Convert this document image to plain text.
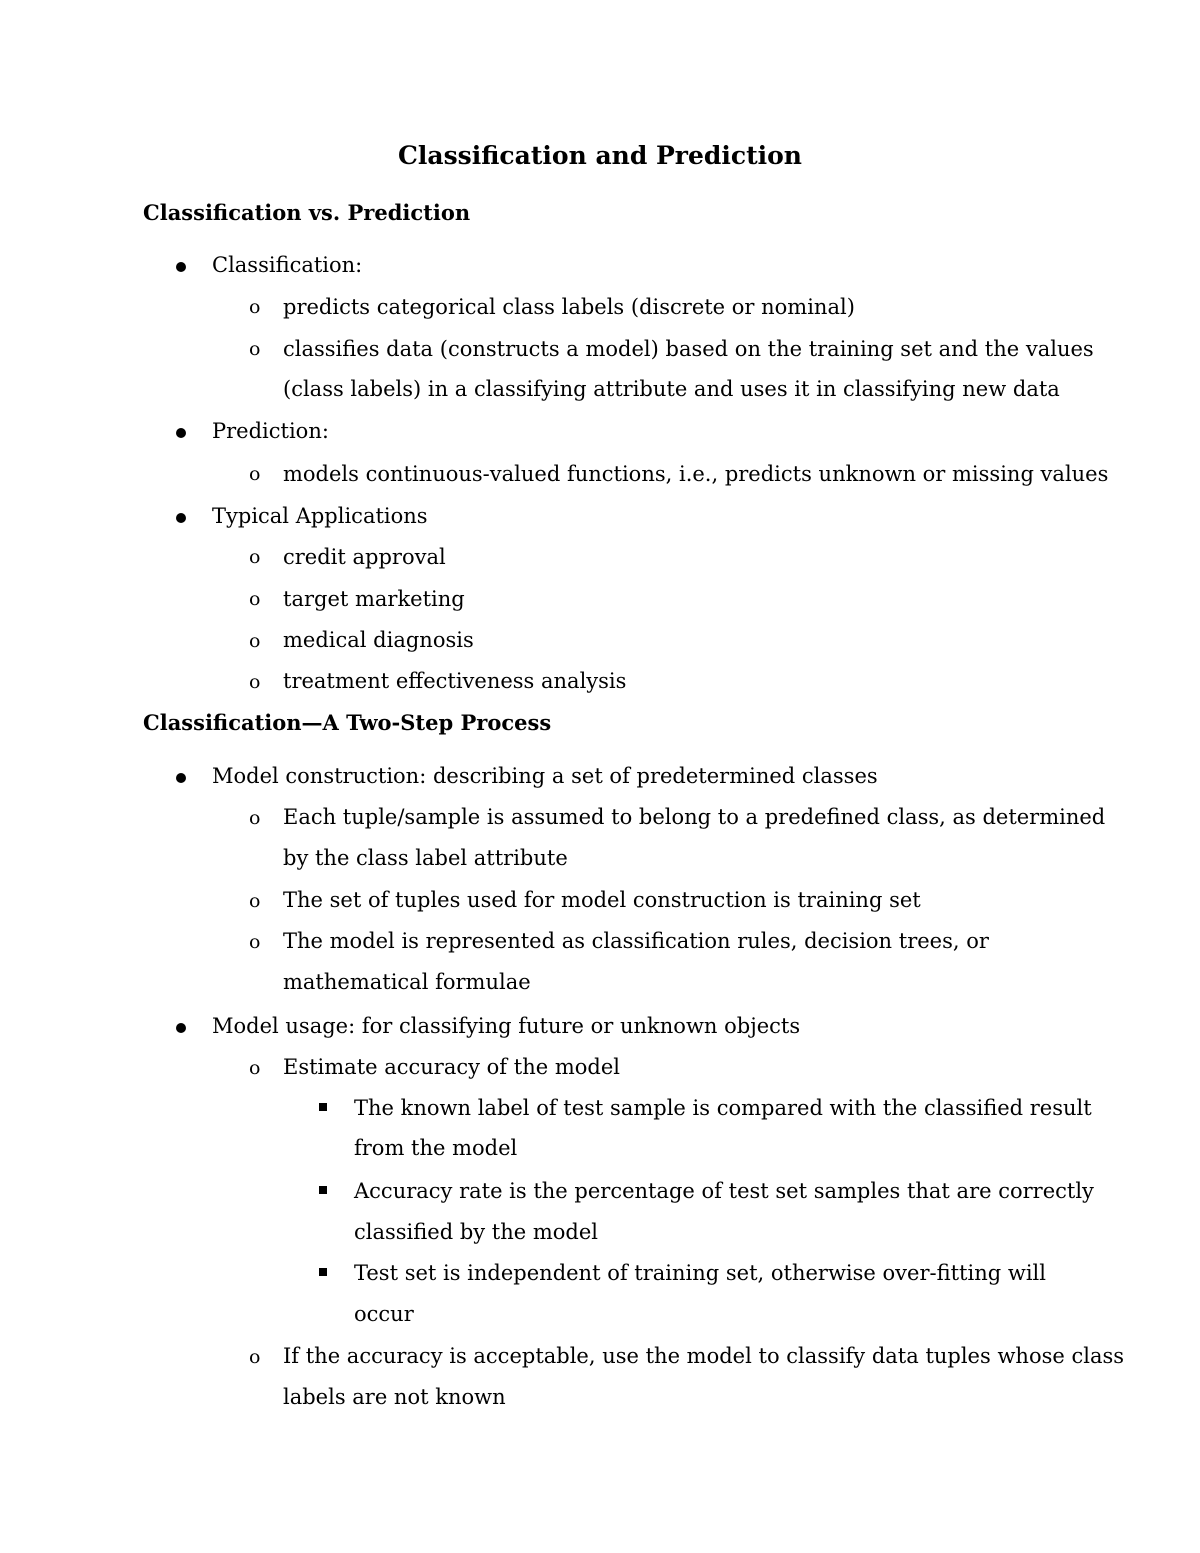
Classification and Prediction
Classification vs. Prediction
Classification:
o predicts categorical class labels (discrete or nominal)
o classifies data (constructs a model) based on the training set and the values
(class labels) in a classifying attribute and uses it in classifying new data
Prediction:
o models continuous-valued functions, i.e., predicts unknown or missing values
Typical Applications
o credit approval
o target marketing
o medical diagnosis
o treatment effectiveness analysis
Classification—A Two-Step Process
Model construction: describing a set of predetermined classes
o Each tuple/sample is assumed to belong to a predefined class, as determined
by the class label attribute
o The set of tuples used for model construction is training set
o The model is represented as classification rules, decision trees, or
mathematical formulae
Model usage: for classifying future or unknown objects
o Estimate accuracy of the model
The known label of test sample is compared with the classified result
from the model
Accuracy rate is the percentage of test set samples that are correctly
classified by the model
Test set is independent of training set, otherwise over-fitting will
occur
o If the accuracy is acceptable, use the model to classify data tuples whose class
labels are not known
